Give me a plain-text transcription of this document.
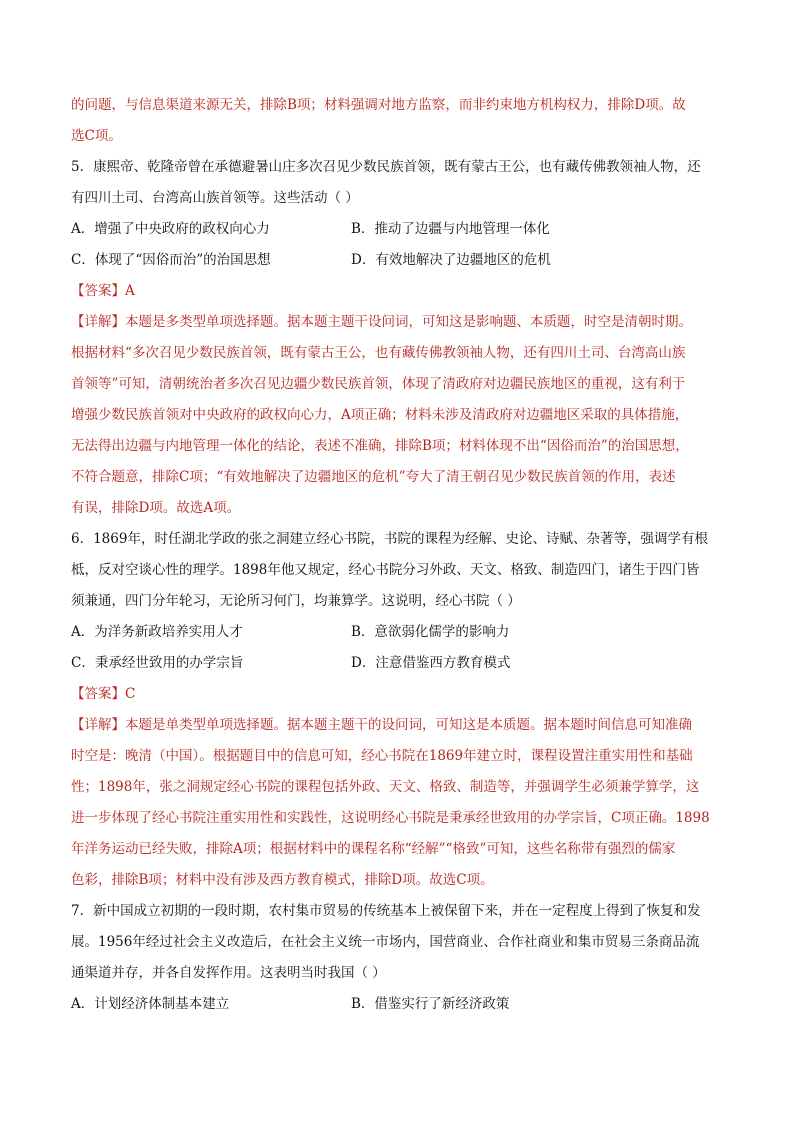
的问题，与信息渠道来源无关，排除B项；材料强调对地方监察，而非约束地方机构权力，排除D项。故
选C项。
5．康熙帝、乾隆帝曾在承德避暑山庄多次召见少数民族首领，既有蒙古王公，也有藏传佛教领袖人物，还
有四川土司、台湾高山族首领等。这些活动（ ）
A．增强了中央政府的政权向心力	B．推动了边疆与内地管理一体化
C．体现了“因俗而治”的治国思想	D．有效地解决了边疆地区的危机
【答案】A
【详解】本题是多类型单项选择题。据本题主题干设问词，可知这是影响题、本质题，时空是清朝时期。
根据材料“多次召见少数民族首领，既有蒙古王公，也有藏传佛教领袖人物，还有四川土司、台湾高山族
首领等”可知，清朝统治者多次召见边疆少数民族首领，体现了清政府对边疆民族地区的重视，这有利于
增强少数民族首领对中央政府的政权向心力，A项正确；材料未涉及清政府对边疆地区采取的具体措施，
无法得出边疆与内地管理一体化的结论，表述不准确，排除B项；材料体现不出“因俗而治”的治国思想，
不符合题意，排除C项；“有效地解决了边疆地区的危机”夸大了清王朝召见少数民族首领的作用，表述
有误，排除D项。故选A项。
6．1869年，时任湖北学政的张之洞建立经心书院，书院的课程为经解、史论、诗赋、杂著等，强调学有根
柢，反对空谈心性的理学。1898年他又规定，经心书院分习外政、天文、格致、制造四门，诸生于四门皆
须兼通，四门分年轮习，无论所习何门，均兼算学。这说明，经心书院（ ）
A．为洋务新政培养实用人才	B．意欲弱化儒学的影响力
C．秉承经世致用的办学宗旨	D．注意借鉴西方教育模式
【答案】C
【详解】本题是单类型单项选择题。据本题主题干的设问词，可知这是本质题。据本题时间信息可知准确
时空是：晚清（中国）。根据题目中的信息可知，经心书院在1869年建立时，课程设置注重实用性和基础
性；1898年，张之洞规定经心书院的课程包括外政、天文、格致、制造等，并强调学生必须兼学算学，这
进一步体现了经心书院注重实用性和实践性，这说明经心书院是秉承经世致用的办学宗旨，C项正确。1898
年洋务运动已经失败，排除A项；根据材料中的课程名称“经解”“格致”可知，这些名称带有强烈的儒家
色彩，排除B项；材料中没有涉及西方教育模式，排除D项。故选C项。
7．新中国成立初期的一段时期，农村集市贸易的传统基本上被保留下来，并在一定程度上得到了恢复和发
展。1956年经过社会主义改造后，在社会主义统一市场内，国营商业、合作社商业和集市贸易三条商品流
通渠道并存，并各自发挥作用。这表明当时我国（ ）
A．计划经济体制基本建立	B．借鉴实行了新经济政策
